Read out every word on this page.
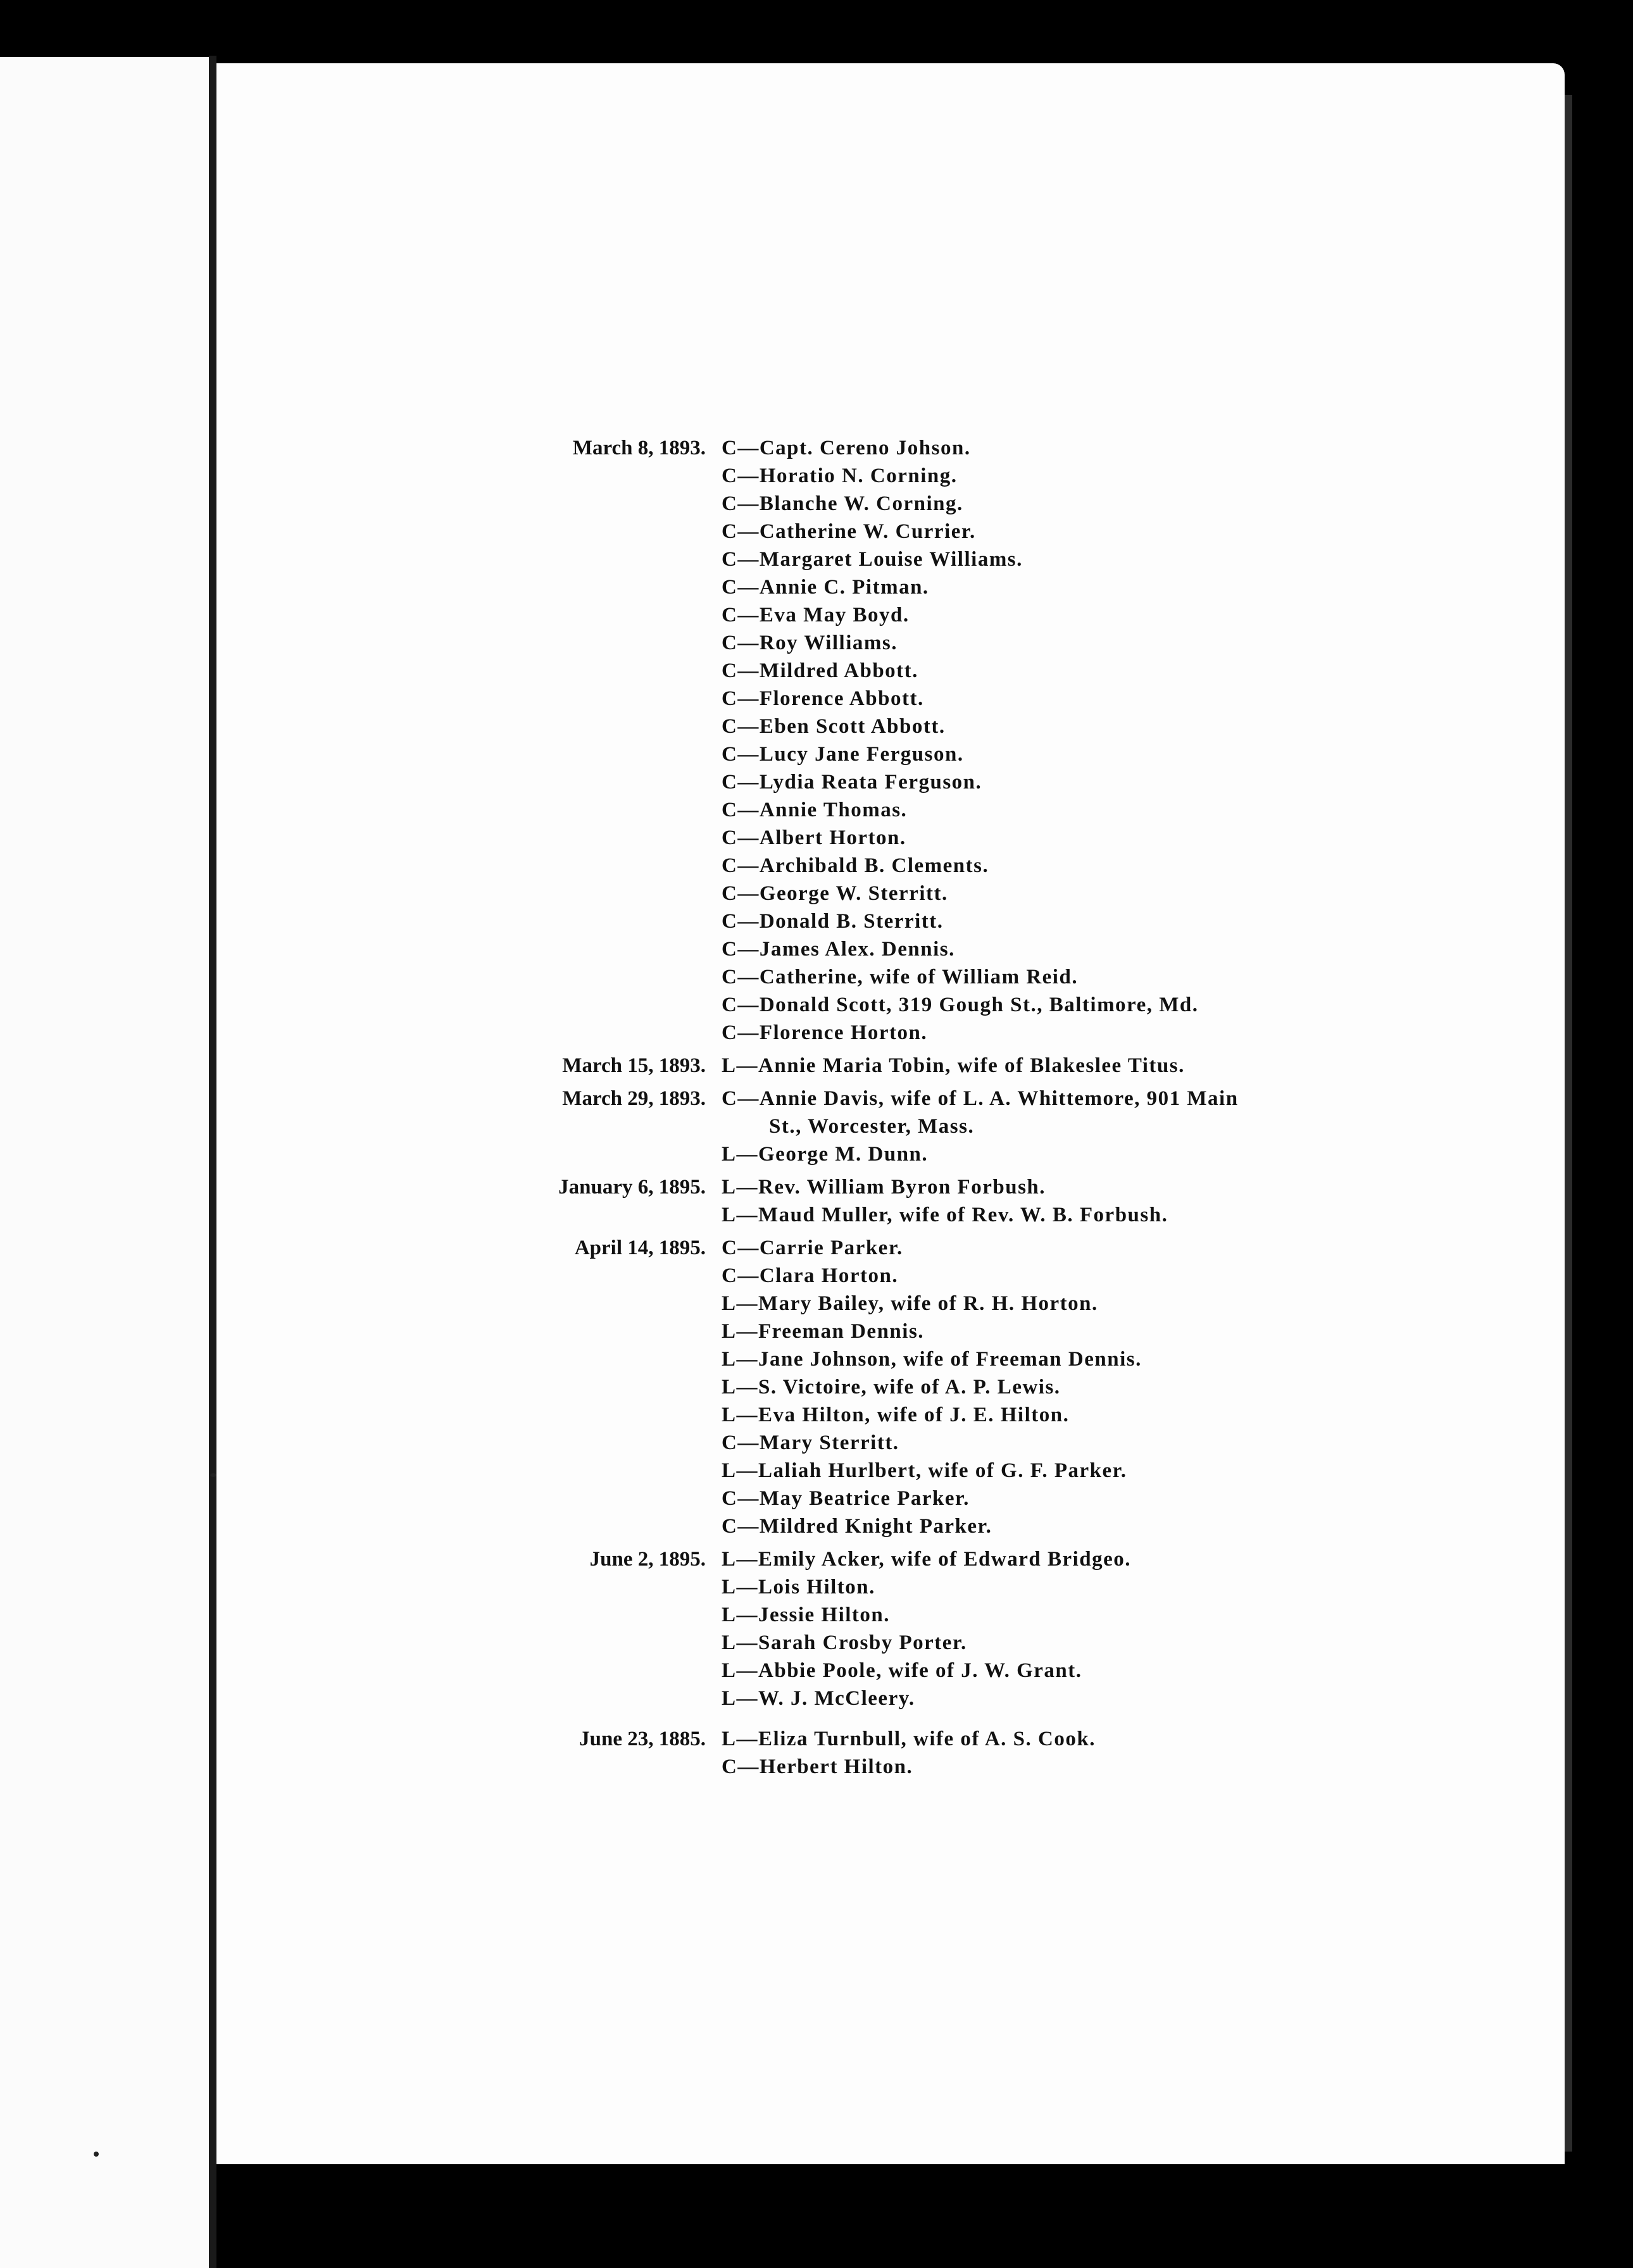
March 8, 1893. C—Capt. Cereno Johson.
C—Horatio N. Corning.
C—Blanche W. Corning.
C—Catherine W. Currier.
C—Margaret Louise Williams.
C—Annie C. Pitman.
C—Eva May Boyd.
C—Roy Williams.
C—Mildred Abbott.
C—Florence Abbott.
C—Eben Scott Abbott.
C—Lucy Jane Ferguson.
C—Lydia Reata Ferguson.
C—Annie Thomas.
C—Albert Horton.
C—Archibald B. Clements.
C—George W. Sterritt.
C—Donald B. Sterritt.
C—James Alex. Dennis.
C—Catherine, wife of William Reid.
C—Donald Scott, 319 Gough St., Baltimore, Md.
C—Florence Horton.
March 15, 1893. L—Annie Maria Tobin, wife of Blakeslee Titus.
March 29, 1893. C—Annie Davis, wife of L. A. Whittemore, 901 Main
St., Worcester, Mass.
L—George M. Dunn.
January 6, 1895. L—Rev. William Byron Forbush.
L—Maud Muller, wife of Rev. W. B. Forbush.
April 14, 1895. C—Carrie Parker.
C—Clara Horton.
L—Mary Bailey, wife of R. H. Horton.
L—Freeman Dennis.
L—Jane Johnson, wife of Freeman Dennis.
L—S. Victoire, wife of A. P. Lewis.
L—Eva Hilton, wife of J. E. Hilton.
C—Mary Sterritt.
L—Laliah Hurlbert, wife of G. F. Parker.
C—May Beatrice Parker.
C—Mildred Knight Parker.
June 2, 1895. L—Emily Acker, wife of Edward Bridgeo.
L—Lois Hilton.
L—Jessie Hilton.
L—Sarah Crosby Porter.
L—Abbie Poole, wife of J. W. Grant.
L—W. J. McCleery.
June 23, 1885. L—Eliza Turnbull, wife of A. S. Cook.
C—Herbert Hilton.
